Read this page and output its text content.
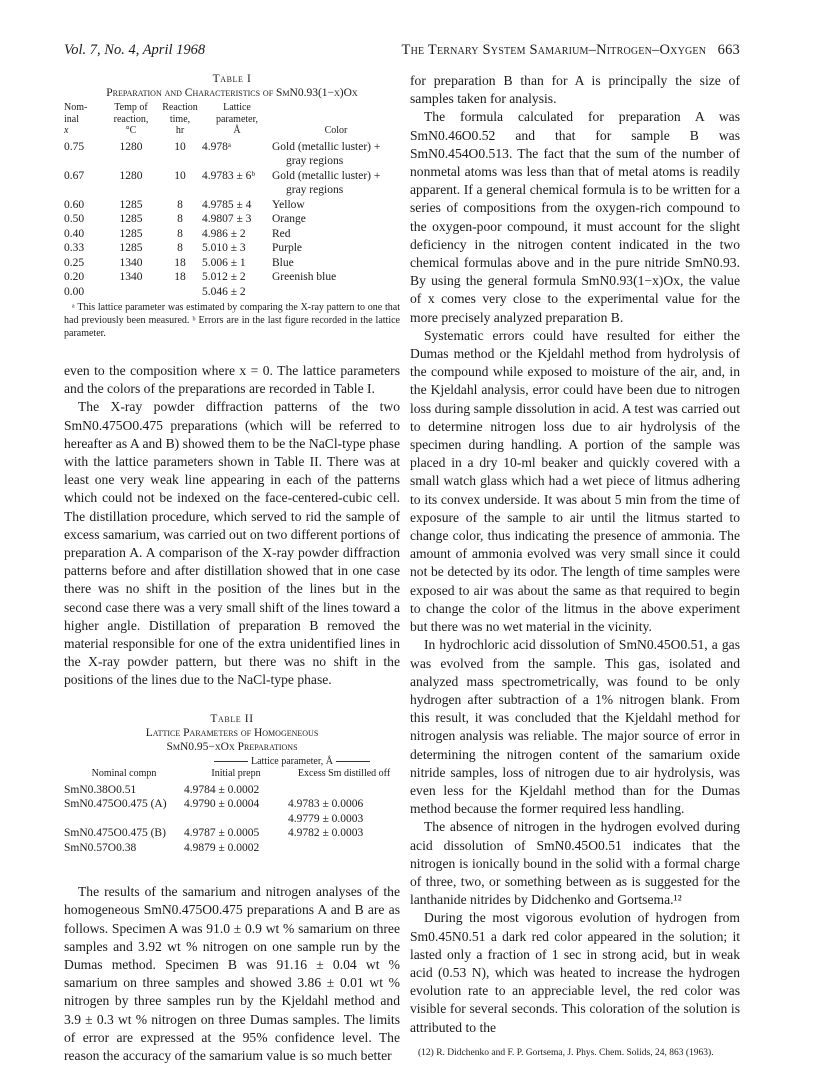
Vol. 7, No. 4, April 1968	The Ternary System Samarium–Nitrogen–Oxygen 663
Table I
Preparation and Characteristics of SmN0.93(1−x)Ox
Nom-
inal
x	Temp of
reaction,
°C	Reaction
time,
hr	Lattice
parameter,
Å	Color
0.75	1280	10	4.978ᵃ	Gold (metallic luster) +
gray regions
0.67	1280	10	4.9783 ± 6ᵇ	Gold (metallic luster) +
gray regions
0.60	1285	8	4.9785 ± 4	Yellow
0.50	1285	8	4.9807 ± 3	Orange
0.40	1285	8	4.986 ± 2	Red
0.33	1285	8	5.010 ± 3	Purple
0.25	1340	18	5.006 ± 1	Blue
0.20	1340	18	5.012 ± 2	Greenish blue
0.00			5.046 ± 2	
ᵃ This lattice parameter was estimated by comparing the X-ray pattern to one that had previously been measured. ᵇ Errors are in the last figure recorded in the lattice parameter.

even to the composition where x = 0. The lattice parameters and the colors of the preparations are recorded in Table I.

The X-ray powder diffraction patterns of the two SmN0.475O0.475 preparations (which will be referred to hereafter as A and B) showed them to be the NaCl-type phase with the lattice parameters shown in Table II. There was at least one very weak line appearing in each of the patterns which could not be indexed on the face-centered-cubic cell. The distillation procedure, which served to rid the sample of excess samarium, was carried out on two different portions of preparation A. A comparison of the X-ray powder diffraction patterns before and after distillation showed that in one case there was no shift in the position of the lines but in the second case there was a very small shift of the lines toward a higher angle. Distillation of preparation B removed the material responsible for one of the extra unidentified lines in the X-ray powder pattern, but there was no shift in the positions of the lines due to the NaCl-type phase.

Table II
Lattice Parameters of Homogeneous
SmN0.95−xOx Preparations
	Lattice parameter, Å	
Nominal compn	Initial prepn	Excess Sm distilled off
SmN0.38O0.51	4.9784 ± 0.0002	
SmN0.475O0.475 (A)	4.9790 ± 0.0004	4.9783 ± 0.0006
		4.9779 ± 0.0003
SmN0.475O0.475 (B)	4.9787 ± 0.0005	4.9782 ± 0.0003
SmN0.57O0.38	4.9879 ± 0.0002	

The results of the samarium and nitrogen analyses of the homogeneous SmN0.475O0.475 preparations A and B are as follows. Specimen A was 91.0 ± 0.9 wt % samarium on three samples and 3.92 wt % nitrogen on one sample run by the Dumas method. Specimen B was 91.16 ± 0.04 wt % samarium on three samples and showed 3.86 ± 0.01 wt % nitrogen by three samples run by the Kjeldahl method and 3.9 ± 0.3 wt % nitrogen on three Dumas samples. The limits of error are expressed at the 95% confidence level. The reason the accuracy of the samarium value is so much better

for preparation B than for A is principally the size of samples taken for analysis.

The formula calculated for preparation A was SmN0.46O0.52 and that for sample B was SmN0.454O0.513. The fact that the sum of the number of nonmetal atoms was less than that of metal atoms is readily apparent. If a general chemical formula is to be written for a series of compositions from the oxygen-rich compound to the oxygen-poor compound, it must account for the slight deficiency in the nitrogen content indicated in the two chemical formulas above and in the pure nitride SmN0.93. By using the general formula SmN0.93(1−x)Ox, the value of x comes very close to the experimental value for the more precisely analyzed preparation B.

Systematic errors could have resulted for either the Dumas method or the Kjeldahl method from hydrolysis of the compound while exposed to moisture of the air, and, in the Kjeldahl analysis, error could have been due to nitrogen loss during sample dissolution in acid. A test was carried out to determine nitrogen loss due to air hydrolysis of the specimen during handling. A portion of the sample was placed in a dry 10-ml beaker and quickly covered with a small watch glass which had a wet piece of litmus adhering to its convex underside. It was about 5 min from the time of exposure of the sample to air until the litmus started to change color, thus indicating the presence of ammonia. The amount of ammonia evolved was very small since it could not be detected by its odor. The length of time samples were exposed to air was about the same as that required to begin to change the color of the litmus in the above experiment but there was no wet material in the vicinity.

In hydrochloric acid dissolution of SmN0.45O0.51, a gas was evolved from the sample. This gas, isolated and analyzed mass spectrometrically, was found to be only hydrogen after subtraction of a 1% nitrogen blank. From this result, it was concluded that the Kjeldahl method for nitrogen analysis was reliable. The major source of error in determining the nitrogen content of the samarium oxide nitride samples, loss of nitrogen due to air hydrolysis, was even less for the Kjeldahl method than for the Dumas method because the former required less handling.

The absence of nitrogen in the hydrogen evolved during acid dissolution of SmN0.45O0.51 indicates that the nitrogen is ionically bound in the solid with a formal charge of three, two, or something between as is suggested for the lanthanide nitrides by Didchenko and Gortsema.¹²

During the most vigorous evolution of hydrogen from Sm0.45N0.51 a dark red color appeared in the solution; it lasted only a fraction of 1 sec in strong acid, but in weak acid (0.53 N), which was heated to increase the hydrogen evolution rate to an appreciable level, the red color was visible for several seconds. This coloration of the solution is attributed to the

(12) R. Didchenko and F. P. Gortsema, J. Phys. Chem. Solids, 24, 863 (1963).
